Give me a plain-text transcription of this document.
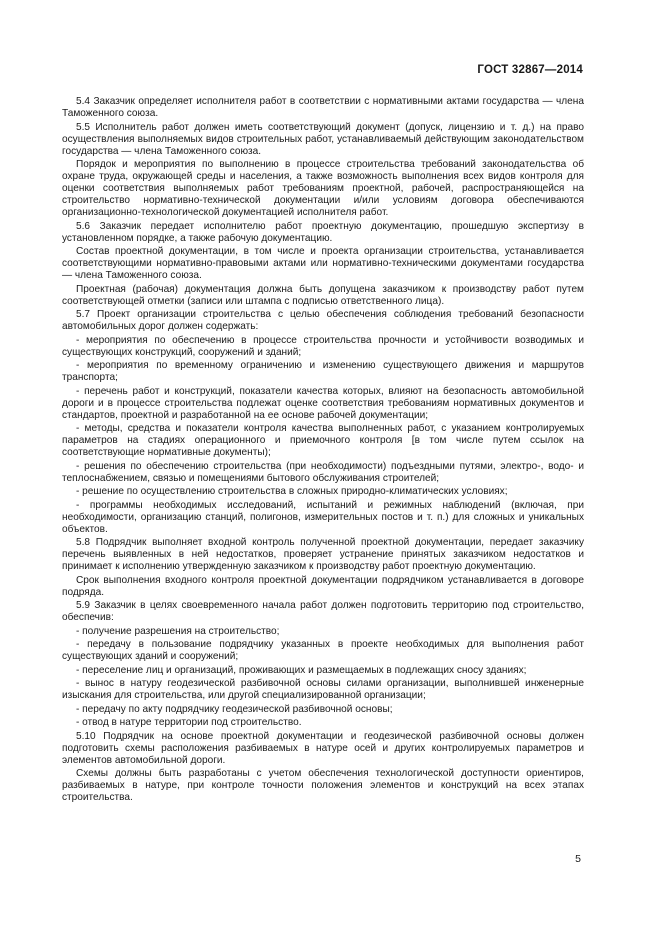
ГОСТ 32867—2014

5.4 Заказчик определяет исполнителя работ в соответствии с нормативными актами государства — члена Таможенного союза.

5.5 Исполнитель работ должен иметь соответствующий документ (допуск, лицензию и т. д.) на право осуществления выполняемых видов строительных работ, устанавливаемый действующим законодательством государства — члена Таможенного союза.

Порядок и мероприятия по выполнению в процессе строительства требований законодательства об охране труда, окружающей среды и населения, а также возможность выполнения всех видов контроля для оценки соответствия выполняемых работ требованиям проектной, рабочей, распространяющейся на строительство нормативно-технической документации и/или условиям договора обеспечиваются организационно-технологической документацией исполнителя работ.

5.6 Заказчик передает исполнителю работ проектную документацию, прошедшую экспертизу в установленном порядке, а также рабочую документацию.

Состав проектной документации, в том числе и проекта организации строительства, устанавливается соответствующими нормативно-правовыми актами или нормативно-техническими документами государства — члена Таможенного союза.

Проектная (рабочая) документация должна быть допущена заказчиком к производству работ путем соответствующей отметки (записи или штампа с подписью ответственного лица).

5.7 Проект организации строительства с целью обеспечения соблюдения требований безопасности автомобильных дорог должен содержать:

- мероприятия по обеспечению в процессе строительства прочности и устойчивости возводимых и существующих конструкций, сооружений и зданий;

- мероприятия по временному ограничению и изменению существующего движения и маршрутов транспорта;

- перечень работ и конструкций, показатели качества которых, влияют на безопасность автомобильной дороги и в процессе строительства подлежат оценке соответствия требованиям нормативных документов и стандартов, проектной и разработанной на ее основе рабочей документации;

- методы, средства и показатели контроля качества выполненных работ, с указанием контролируемых параметров на стадиях операционного и приемочного контроля [в том числе путем ссылок на соответствующие нормативные документы);

- решения по обеспечению строительства (при необходимости) подъездными путями, электро-, водо- и теплоснабжением, связью и помещениями бытового обслуживания строителей;

- решение по осуществлению строительства в сложных природно-климатических условиях;

- программы необходимых исследований, испытаний и режимных наблюдений (включая, при необходимости, организацию станций, полигонов, измерительных постов и т. п.) для сложных и уникальных объектов.

5.8 Подрядчик выполняет входной контроль полученной проектной документации, передает заказчику перечень выявленных в ней недостатков, проверяет устранение принятых заказчиком недостатков и принимает к исполнению утвержденную заказчиком к производству работ проектную документацию.

Срок выполнения входного контроля проектной документации подрядчиком устанавливается в договоре подряда.

5.9 Заказчик в целях своевременного начала работ должен подготовить территорию под строительство, обеспечив:

- получение разрешения на строительство;

- передачу в пользование подрядчику указанных в проекте необходимых для выполнения работ существующих зданий и сооружений;

- переселение лиц и организаций, проживающих и размещаемых в подлежащих сносу зданиях;

- вынос в натуру геодезической разбивочной основы силами организации, выполнившей инженерные изыскания для строительства, или другой специализированной организации;

- передачу по акту подрядчику геодезической разбивочной основы;

- отвод в натуре территории под строительство.

5.10 Подрядчик на основе проектной документации и геодезической разбивочной основы должен подготовить схемы расположения разбиваемых в натуре осей и других контролируемых параметров и элементов автомобильной дороги.

Схемы должны быть разработаны с учетом обеспечения технологической доступности ориентиров, разбиваемых в натуре, при контроле точности положения элементов и конструкций на всех этапах строительства.

5
